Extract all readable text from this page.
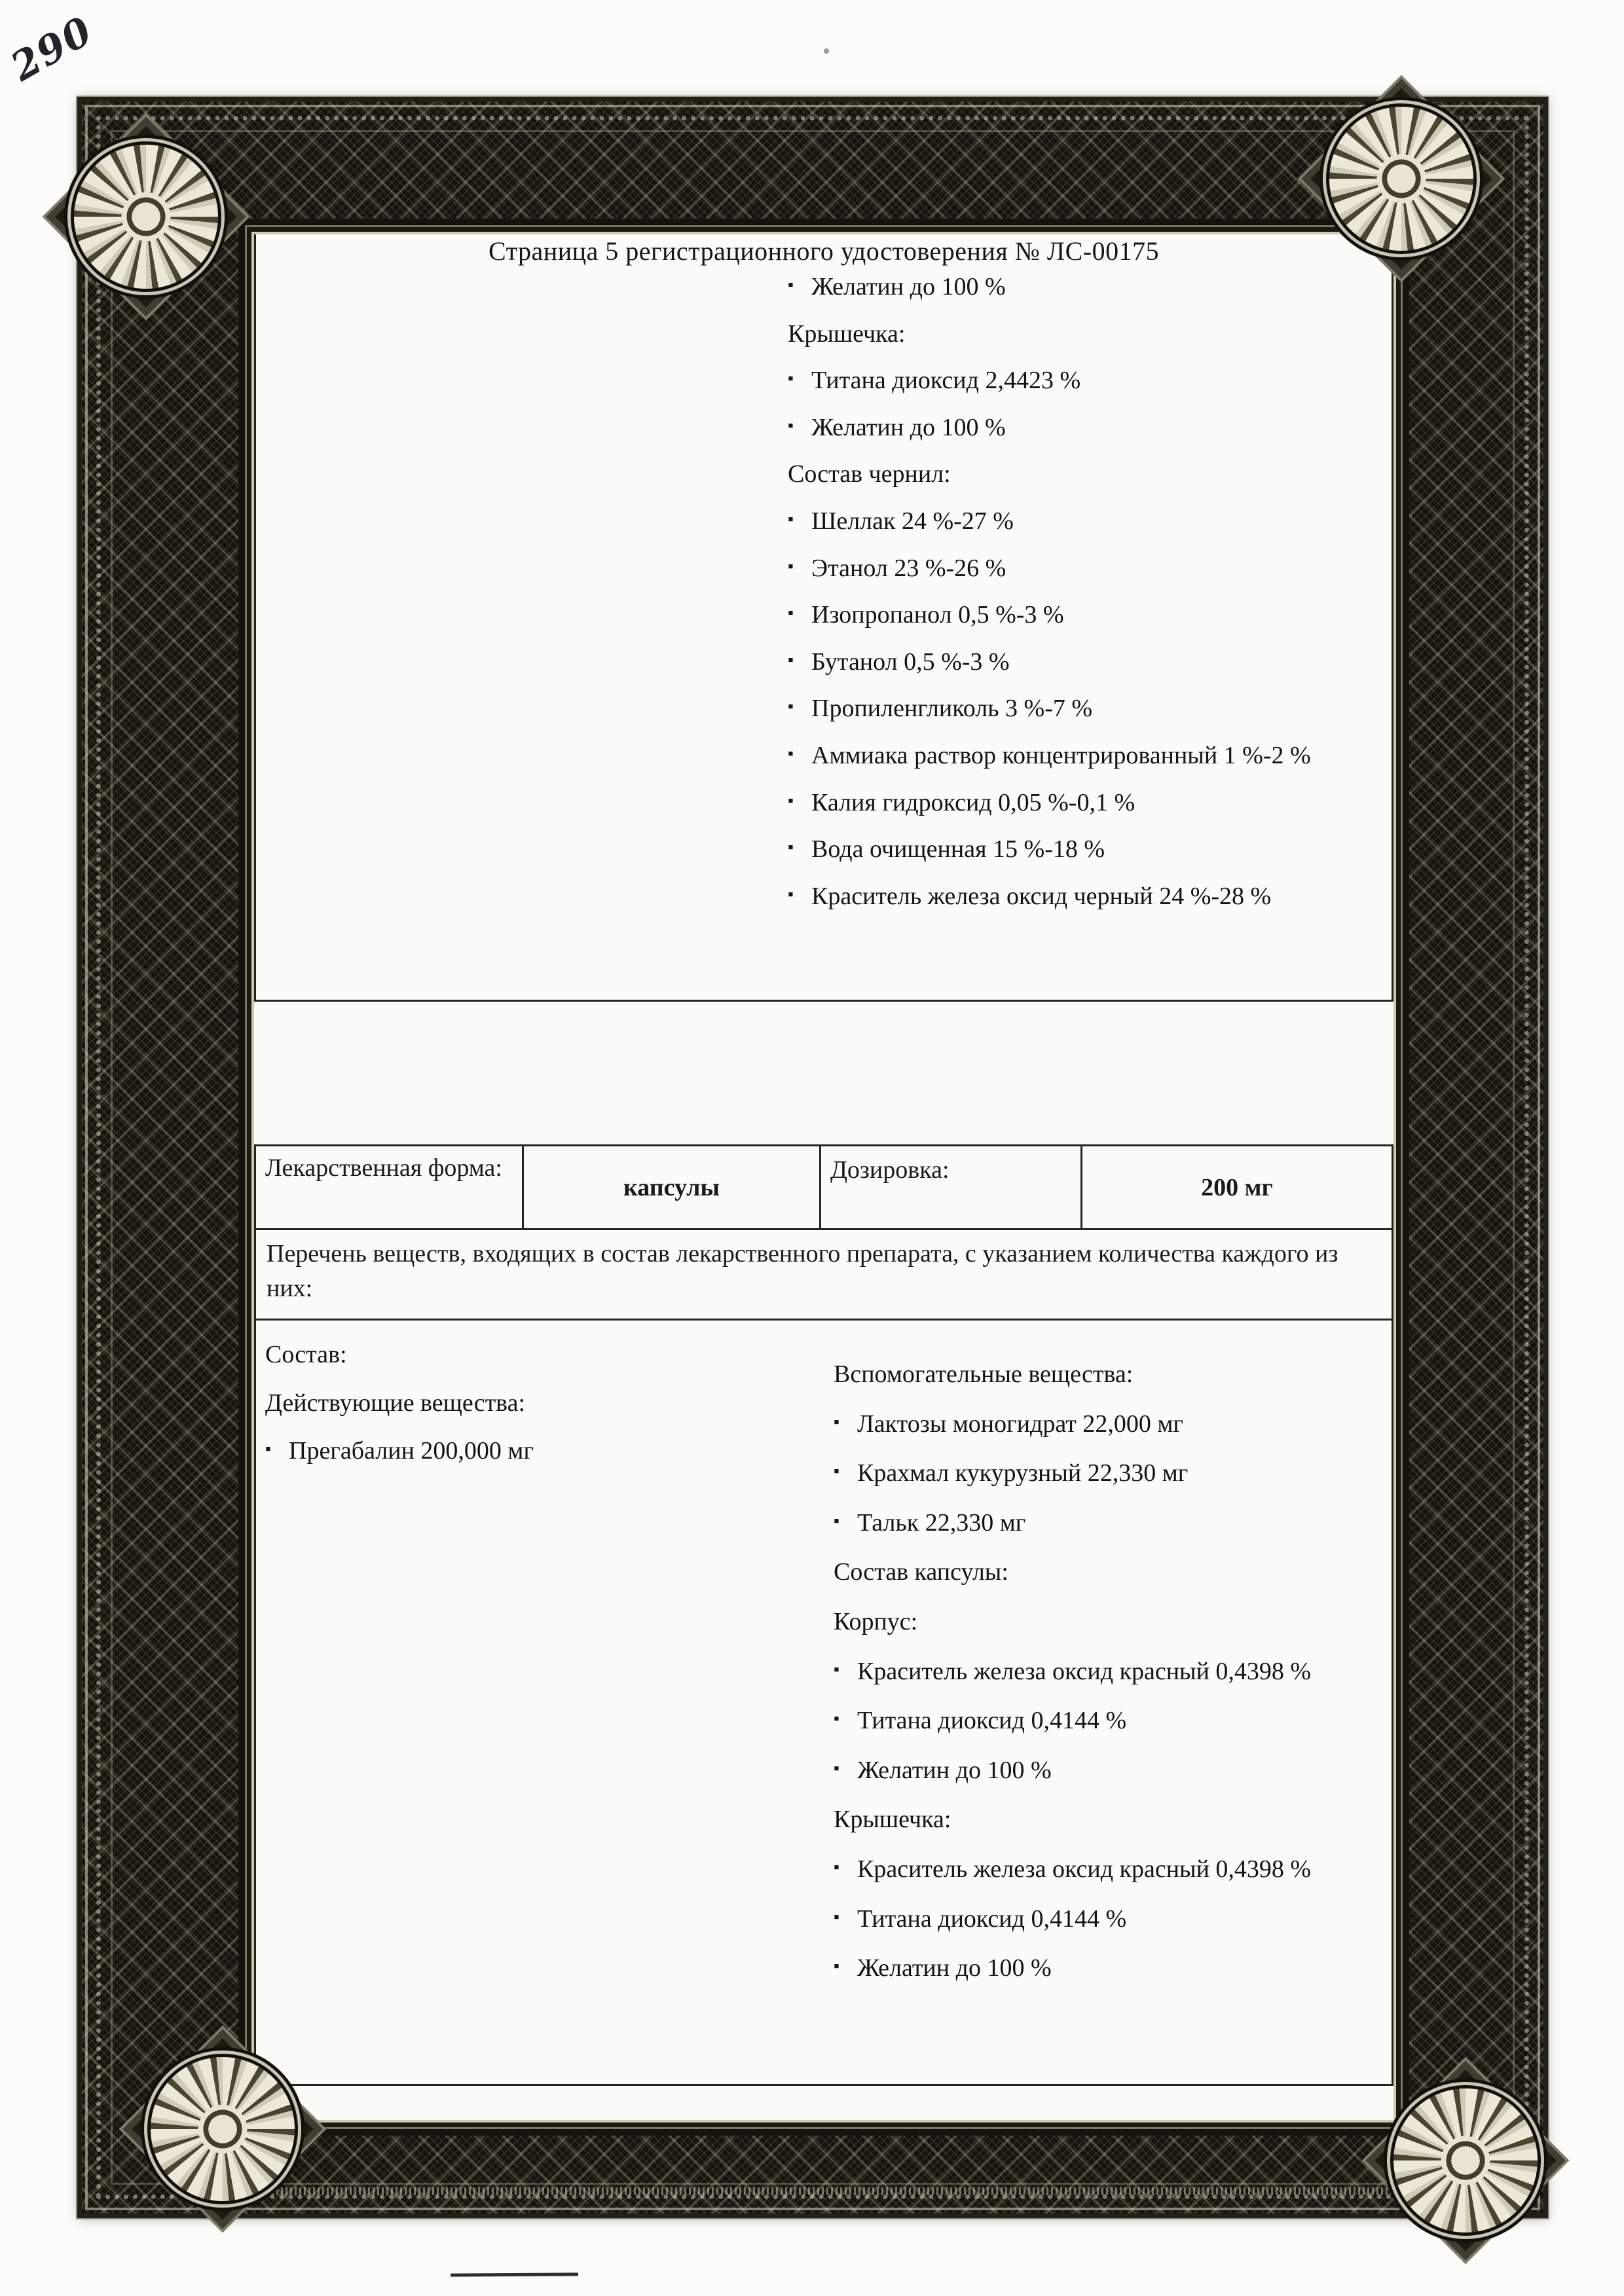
290
Страница 5 регистрационного удостоверения № ЛС-00175
▪ Желатин до 100 %
Крышечка:
▪ Титана диоксид 2,4423 %
▪ Желатин до 100 %
Состав чернил:
▪ Шеллак 24 %-27 %
▪ Этанол 23 %-26 %
▪ Изопропанол 0,5 %-3 %
▪ Бутанол 0,5 %-3 %
▪ Пропиленгликоль 3 %-7 %
▪ Аммиака раствор концентрированный 1 %-2 %
▪ Калия гидроксид 0,05 %-0,1 %
▪ Вода очищенная 15 %-18 %
▪ Краситель железа оксид черный 24 %-28 %
Лекарственная форма:
капсулы
Дозировка:
200 мг
Перечень веществ, входящих в состав лекарственного препарата, с указанием количества каждого из них:
Состав:
Действующие вещества:
▪ Прегабалин 200,000 мг
Вспомогательные вещества:
▪ Лактозы моногидрат 22,000 мг
▪ Крахмал кукурузный 22,330 мг
▪ Тальк 22,330 мг
Состав капсулы:
Корпус:
▪ Краситель железа оксид красный 0,4398 %
▪ Титана диоксид 0,4144 %
▪ Желатин до 100 %
Крышечка:
▪ Краситель железа оксид красный 0,4398 %
▪ Титана диоксид 0,4144 %
▪ Желатин до 100 %
